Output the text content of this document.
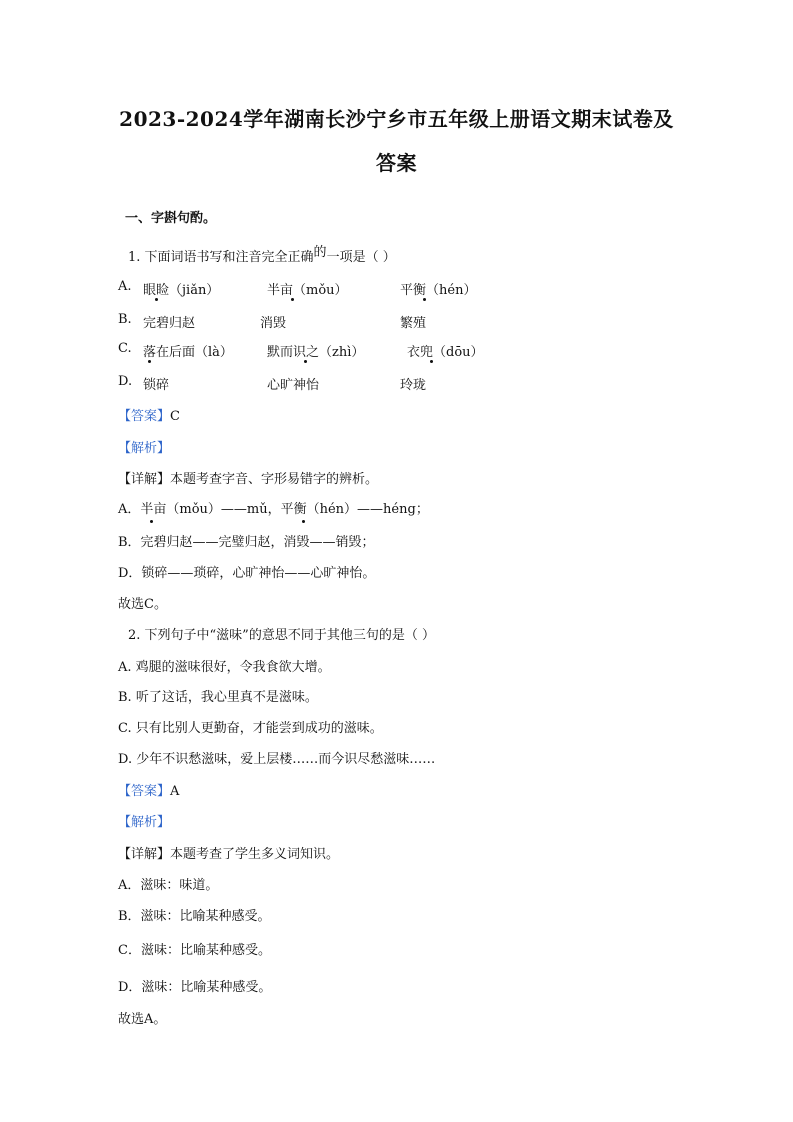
2023-2024学年湖南长沙宁乡市五年级上册语文期末试卷及
答案
一、字斟句酌。
1. 下面词语书写和注音完全正确的一项是（ ）
A. 眼睑（jiǎn）	半亩（mǒu）	平衡（hén）
B. 完碧归赵	消毁	繁殖
C. 落在后面（là）	默而识之（zhì）	衣兜（dōu）
D. 锁碎	心旷神怡	玲珑
【答案】C
【解析】
【详解】本题考查字音、字形易错字的辨析。
A．半亩（mǒu）——mǔ，平衡（hén）——héng；
B．完碧归赵——完璧归赵，消毁——销毁；
D．锁碎——琐碎，心旷神怡——心旷神怡。
故选C。
2. 下列句子中“滋味”的意思不同于其他三句的是（ ）
A. 鸡腿的滋味很好，令我食欲大增。
B. 听了这话，我心里真不是滋味。
C. 只有比别人更勤奋，才能尝到成功的滋味。
D. 少年不识愁滋味，爱上层楼……而今识尽愁滋味……
【答案】A
【解析】
【详解】本题考查了学生多义词知识。
A．滋味：味道。
B．滋味：比喻某种感受。
C．滋味：比喻某种感受。
D．滋味：比喻某种感受。
故选A。
